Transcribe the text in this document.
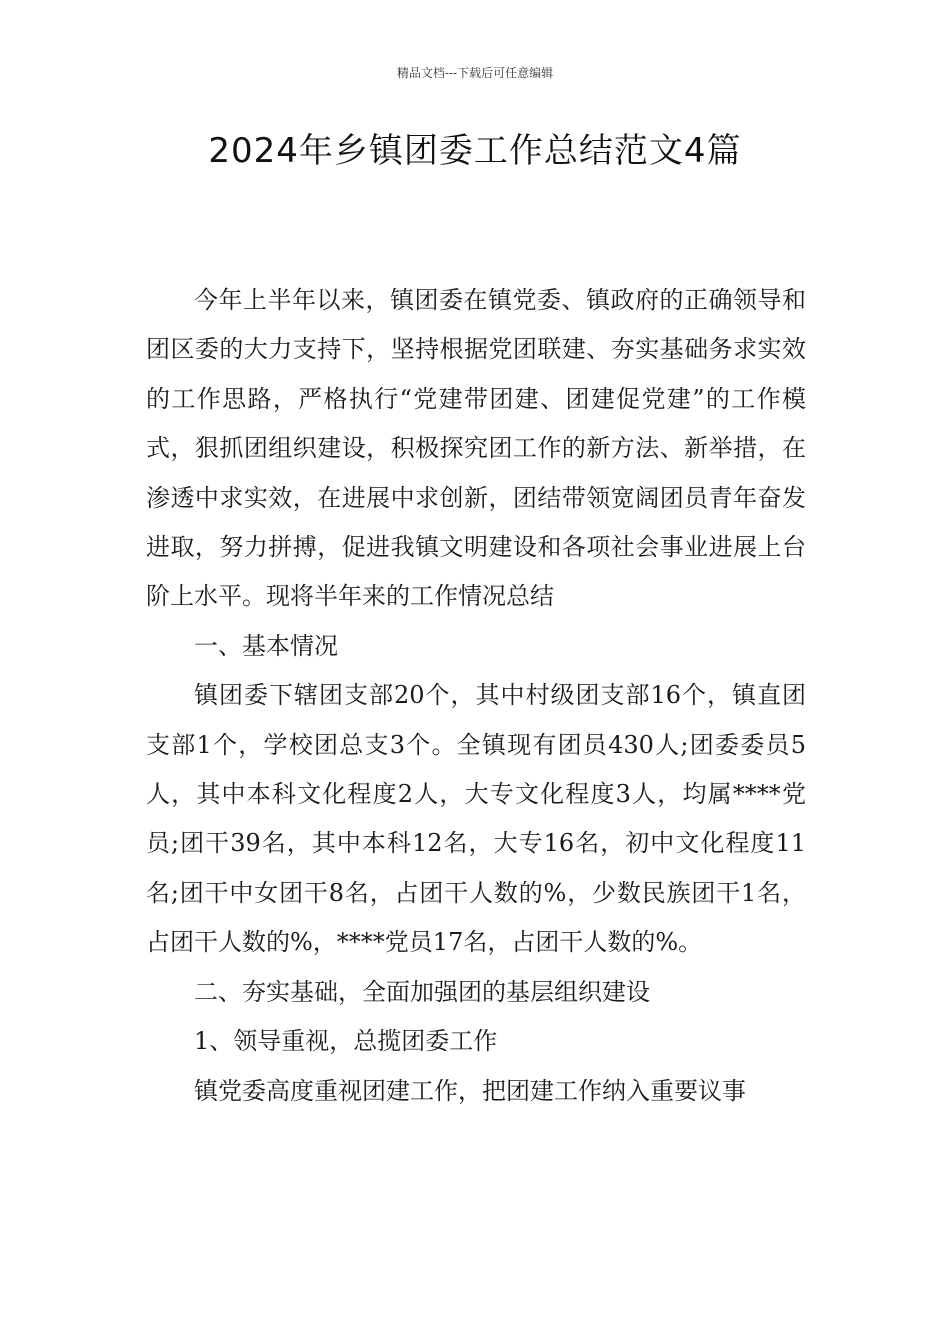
精品文档---下载后可任意编辑
2024年乡镇团委工作总结范文4篇

今年上半年以来，镇团委在镇党委、镇政府的正确领导和团区委的大力支持下，坚持根据党团联建、夯实基础务求实效的工作思路，严格执行“党建带团建、团建促党建”的工作模式，狠抓团组织建设，积极探究团工作的新方法、新举措，在渗透中求实效，在进展中求创新，团结带领宽阔团员青年奋发进取，努力拼搏，促进我镇文明建设和各项社会事业进展上台阶上水平。现将半年来的工作情况总结

一、基本情况

镇团委下辖团支部20个，其中村级团支部16个，镇直团支部1个，学校团总支3个。全镇现有团员430人;团委委员5人，其中本科文化程度2人，大专文化程度3人，均属****党员;团干39名，其中本科12名，大专16名，初中文化程度11名;团干中女团干8名，占团干人数的%，少数民族团干1名，占团干人数的%，****党员17名，占团干人数的%。

二、夯实基础，全面加强团的基层组织建设

1、领导重视，总揽团委工作

镇党委高度重视团建工作，把团建工作纳入重要议事
